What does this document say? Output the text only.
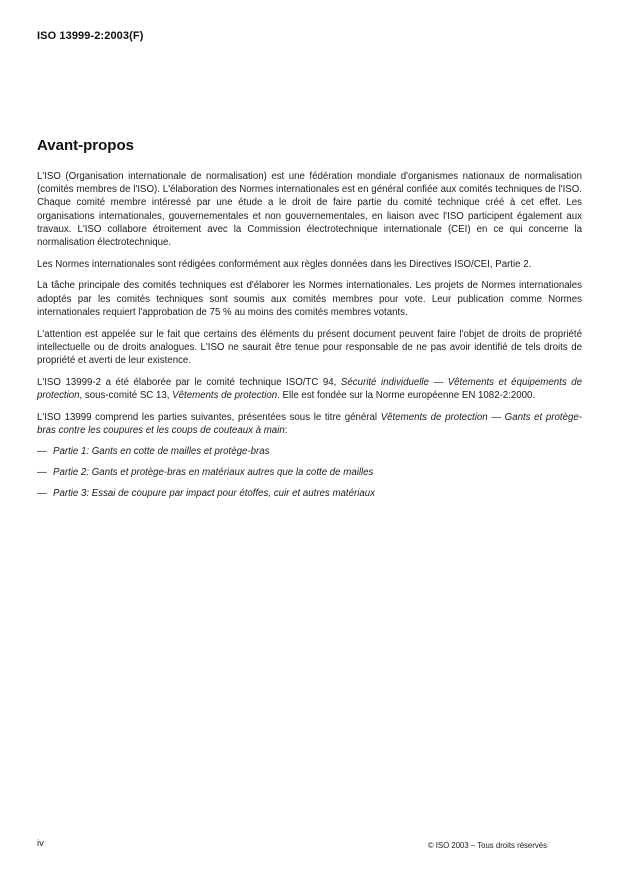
ISO 13999-2:2003(F)
Avant-propos

L'ISO (Organisation internationale de normalisation) est une fédération mondiale d'organismes nationaux de normalisation (comités membres de l'ISO). L'élaboration des Normes internationales est en général confiée aux comités techniques de l'ISO. Chaque comité membre intéressé par une étude a le droit de faire partie du comité technique créé à cet effet. Les organisations internationales, gouvernementales et non gouvernementales, en liaison avec l'ISO participent également aux travaux. L'ISO collabore étroitement avec la Commission électrotechnique internationale (CEI) en ce qui concerne la normalisation électrotechnique.

Les Normes internationales sont rédigées conformément aux règles données dans les Directives ISO/CEI, Partie 2.

La tâche principale des comités techniques est d'élaborer les Normes internationales. Les projets de Normes internationales adoptés par les comités techniques sont soumis aux comités membres pour vote. Leur publication comme Normes internationales requiert l'approbation de 75 % au moins des comités membres votants.

L'attention est appelée sur le fait que certains des éléments du présent document peuvent faire l'objet de droits de propriété intellectuelle ou de droits analogues. L'ISO ne saurait être tenue pour responsable de ne pas avoir identifié de tels droits de propriété et averti de leur existence.

L'ISO 13999-2 a été élaborée par le comité technique ISO/TC 94, Sécurité individuelle — Vêtements et équipements de protection, sous-comité SC 13, Vêtements de protection. Elle est fondée sur la Norme européenne EN 1082-2:2000.

L'ISO 13999 comprend les parties suivantes, présentées sous le titre général Vêtements de protection — Gants et protège-bras contre les coupures et les coups de couteaux à main:

— Partie 1: Gants en cotte de mailles et protège-bras
— Partie 2: Gants et protège-bras en matériaux autres que la cotte de mailles
— Partie 3: Essai de coupure par impact pour étoffes, cuir et autres matériaux
iv	© ISO 2003 – Tous droits réservés
